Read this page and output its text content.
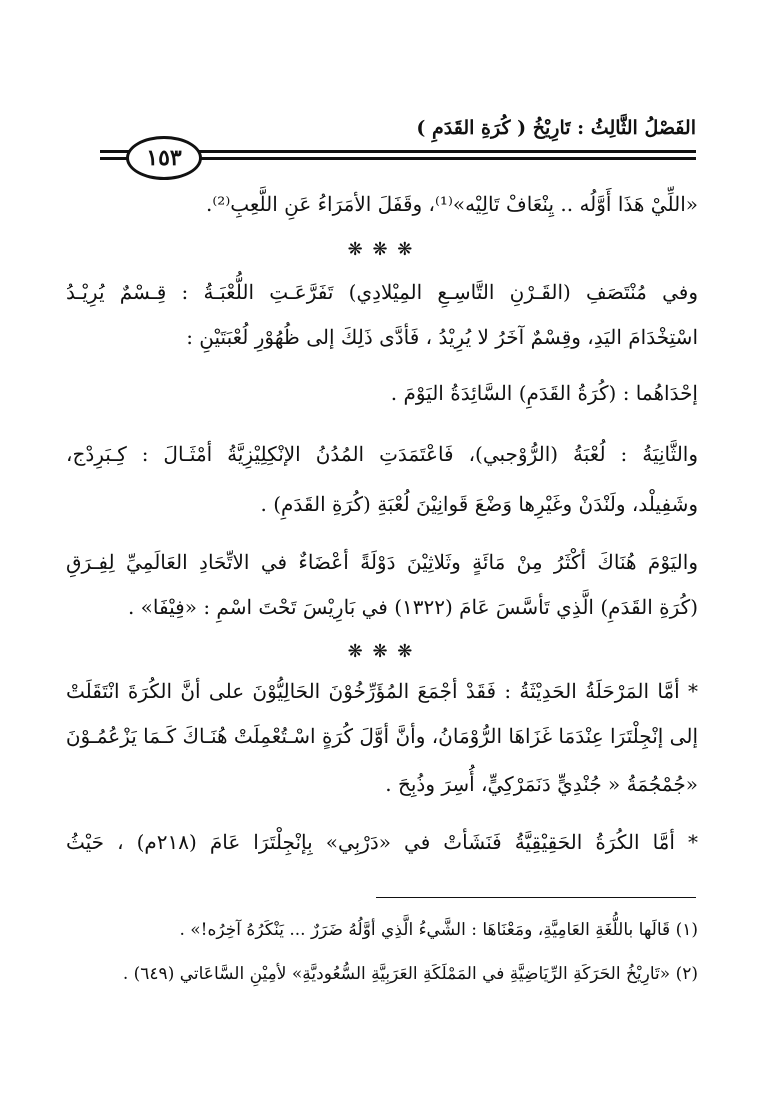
الفَصْلُ الثَّالِثُ : تَارِيْخُ ( كُرَةِ القَدَمِ )
١٥٣
«اللِّيْ هَذَا أَوَّلُه .. يِنْعَافْ تَالِيْه»⁽¹⁾، وقَفَلَ الأمَرَاءُ عَنِ اللَّعِبِ⁽²⁾.
❋ ❋ ❋
وفي مُنْتَصَفِ (القَـرْنِ التَّاسِـعِ المِيْلادِي) تَفَرَّعَـتِ اللُّعْبَـةُ : قِـسْمٌ يُرِيْـدُ
اسْتِخْدَامَ اليَدِ، وقِسْمٌ آخَرُ لا يُرِيْدُ ، فَأدَّى ذَلِكَ إلى ظُهُوْرِ لُعْبَتَيْنِ :
إحْدَاهُما : (كُرَةُ القَدَمِ) السَّائِدَةُ اليَوْمَ .
والثَّانِيَةُ : لُعْبَةُ (الرُّوْجبي)، فَاعْتَمَدَتِ المُدُنُ الإنْكِلِيْزِيَّةُ أمْثَـالَ : كِـبَرِدْج،
وشَفِيلْد، ولَنْدَنْ وغَيْرِها وَضْعَ قَوانِيْنَ لُعْبَةِ (كُرَةِ القَدَمِ) .
واليَوْمَ هُنَاكَ أكْثَرُ مِنْ مَائَةٍ وثَلاثِيْنَ دَوْلَةً أعْضَاءٌ في الاتِّحَادِ العَالَمِيِّ لِفِـرَقِ
(كُرَةِ القَدَمِ) الَّذِي تَأسَّسَ عَامَ (١٣٢٢) في بَارِيْسَ تَحْتَ اسْمِ : «فِيْفَا» .
❋ ❋ ❋
* أمَّا المَرْحَلَةُ الحَدِيْثَةُ : فَقَدْ أجْمَعَ المُؤَرِّخُوْنَ الحَالِيُّوْنَ على أنَّ الكُرَةَ انْتَقَلَتْ
إلى إنْجِلْتَرَا عِنْدَمَا غَزَاهَا الرُّوْمَانُ، وأنَّ أوَّلَ كُرَةٍ اسْـتُعْمِلَتْ هُنَـاكَ كَـمَا يَزْعُمُـوْنَ
«جُمْجُمَةُ « جُنْدِيٍّ دَنَمَرْكِيٍّ، أُسِرَ وذُبِحَ .
* أمَّا الكُرَةُ الحَقِيْقِيَّةُ فَنَشَأتْ في «دَرْبِي» بِإنْجِلْتَرَا عَامَ (٢١٨م) ، حَيْثُ
(١) قَالَها باللُّغَةِ العَامِيَّةِ، ومَعْنَاهَا : الشَّيءُ الَّذِي أوَّلُهُ ضَرَرٌ ... يَنْكَرُهُ آخِرُه!» .
(٢) «تَارِيْخُ الحَرَكَةِ الرِّيَاضِيَّةِ في المَمْلَكَةِ العَرَبِيَّةِ السُّعُوديَّةِ» لأمِيْنِ السَّاعَاتي (٦٤٩) .
